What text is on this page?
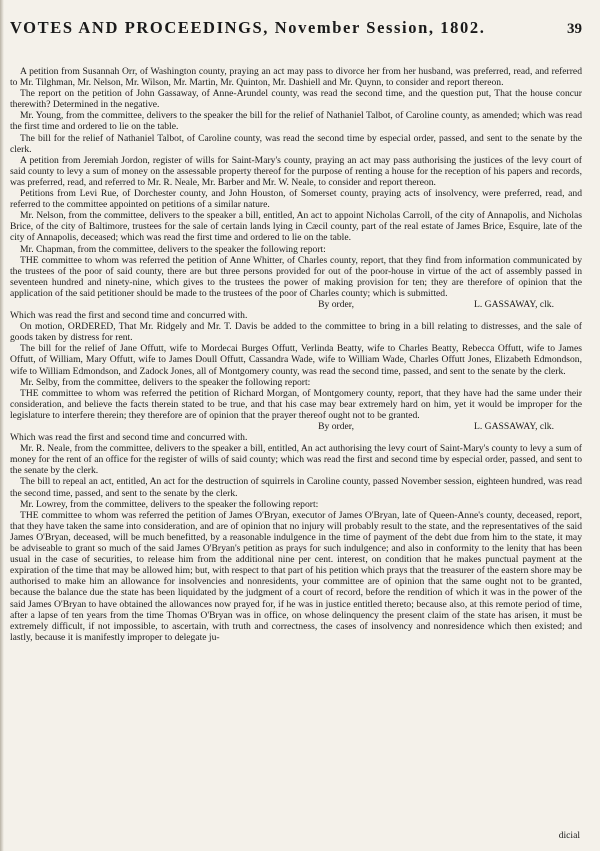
VOTES AND PROCEEDINGS, November Session, 1802.	39

A petition from Susannah Orr, of Washington county, praying an act may pass to divorce her from her husband, was preferred, read, and referred to Mr. Tilghman, Mr. Nelson, Mr. Wilson, Mr. Martin, Mr. Quinton, Mr. Dashiell and Mr. Quynn, to consider and report thereon.

The report on the petition of John Gassaway, of Anne-Arundel county, was read the second time, and the question put, That the house concur therewith? Determined in the negative.

Mr. Young, from the committee, delivers to the speaker the bill for the relief of Nathaniel Talbot, of Caroline county, as amended; which was read the first time and ordered to lie on the table.

The bill for the relief of Nathaniel Talbot, of Caroline county, was read the second time by especial order, passed, and sent to the senate by the clerk.

A petition from Jeremiah Jordon, register of wills for Saint-Mary's county, praying an act may pass authorising the justices of the levy court of said county to levy a sum of money on the assessable property thereof for the purpose of renting a house for the reception of his papers and records, was preferred, read, and referred to Mr. R. Neale, Mr. Barber and Mr. W. Neale, to consider and report thereon.

Petitions from Levi Rue, of Dorchester county, and John Houston, of Somerset county, praying acts of insolvency, were preferred, read, and referred to the committee appointed on petitions of a similar nature.

Mr. Nelson, from the committee, delivers to the speaker a bill, entitled, An act to appoint Nicholas Carroll, of the city of Annapolis, and Nicholas Brice, of the city of Baltimore, trustees for the sale of certain lands lying in Cæcil county, part of the real estate of James Brice, Esquire, late of the city of Annapolis, deceased; which was read the first time and ordered to lie on the table.

Mr. Chapman, from the committee, delivers to the speaker the following report:

THE committee to whom was referred the petition of Anne Whitter, of Charles county, report, that they find from information communicated by the trustees of the poor of said county, there are but three persons provided for out of the poor-house in virtue of the act of assembly passed in seventeen hundred and ninety-nine, which gives to the trustees the power of making provision for ten; they are therefore of opinion that the application of the said petitioner should be made to the trustees of the poor of Charles county; which is submitted.

By order,	L. GASSAWAY, clk.

Which was read the first and second time and concurred with.

On motion, ORDERED, That Mr. Ridgely and Mr. T. Davis be added to the committee to bring in a bill relating to distresses, and the sale of goods taken by distress for rent.

The bill for the relief of Jane Offutt, wife to Mordecai Burges Offutt, Verlinda Beatty, wife to Charles Beatty, Rebecca Offutt, wife to James Offutt, of William, Mary Offutt, wife to James Doull Offutt, Cassandra Wade, wife to William Wade, Charles Offutt Jones, Elizabeth Edmondson, wife to William Edmondson, and Zadock Jones, all of Montgomery county, was read the second time, passed, and sent to the senate by the clerk.

Mr. Selby, from the committee, delivers to the speaker the following report:

THE committee to whom was referred the petition of Richard Morgan, of Montgomery county, report, that they have had the same under their consideration, and believe the facts therein stated to be true, and that his case may bear extremely hard on him, yet it would be improper for the legislature to interfere therein; they therefore are of opinion that the prayer thereof ought not to be granted.

By order,	L. GASSAWAY, clk.

Which was read the first and second time and concurred with.

Mr. R. Neale, from the committee, delivers to the speaker a bill, entitled, An act authorising the levy court of Saint-Mary's county to levy a sum of money for the rent of an office for the register of wills of said county; which was read the first and second time by especial order, passed, and sent to the senate by the clerk.

The bill to repeal an act, entitled, An act for the destruction of squirrels in Caroline county, passed November session, eighteen hundred, was read the second time, passed, and sent to the senate by the clerk.

Mr. Lowrey, from the committee, delivers to the speaker the following report:

THE committee to whom was referred the petition of James O'Bryan, executor of James O'Bryan, late of Queen-Anne's county, deceased, report, that they have taken the same into consideration, and are of opinion that no injury will probably result to the state, and the representatives of the said James O'Bryan, deceased, will be much benefitted, by a reasonable indulgence in the time of payment of the debt due from him to the state, it may be adviseable to grant so much of the said James O'Bryan's petition as prays for such indulgence; and also in conformity to the lenity that has been usual in the case of securities, to release him from the additional nine per cent. interest, on condition that he makes punctual payment at the expiration of the time that may be allowed him; but, with respect to that part of his petition which prays that the treasurer of the eastern shore may be authorised to make him an allowance for insolvencies and nonresidents, your committee are of opinion that the same ought not to be granted, because the balance due the state has been liquidated by the judgment of a court of record, before the rendition of which it was in the power of the said James O'Bryan to have obtained the allowances now prayed for, if he was in justice entitled thereto; because also, at this remote period of time, after a lapse of ten years from the time Thomas O'Bryan was in office, on whose delinquency the present claim of the state has arisen, it must be extremely difficult, if not impossible, to ascertain, with truth and correctness, the cases of insolvency and nonresidence which then existed; and lastly, because it is manifestly improper to delegate ju-

dicial
